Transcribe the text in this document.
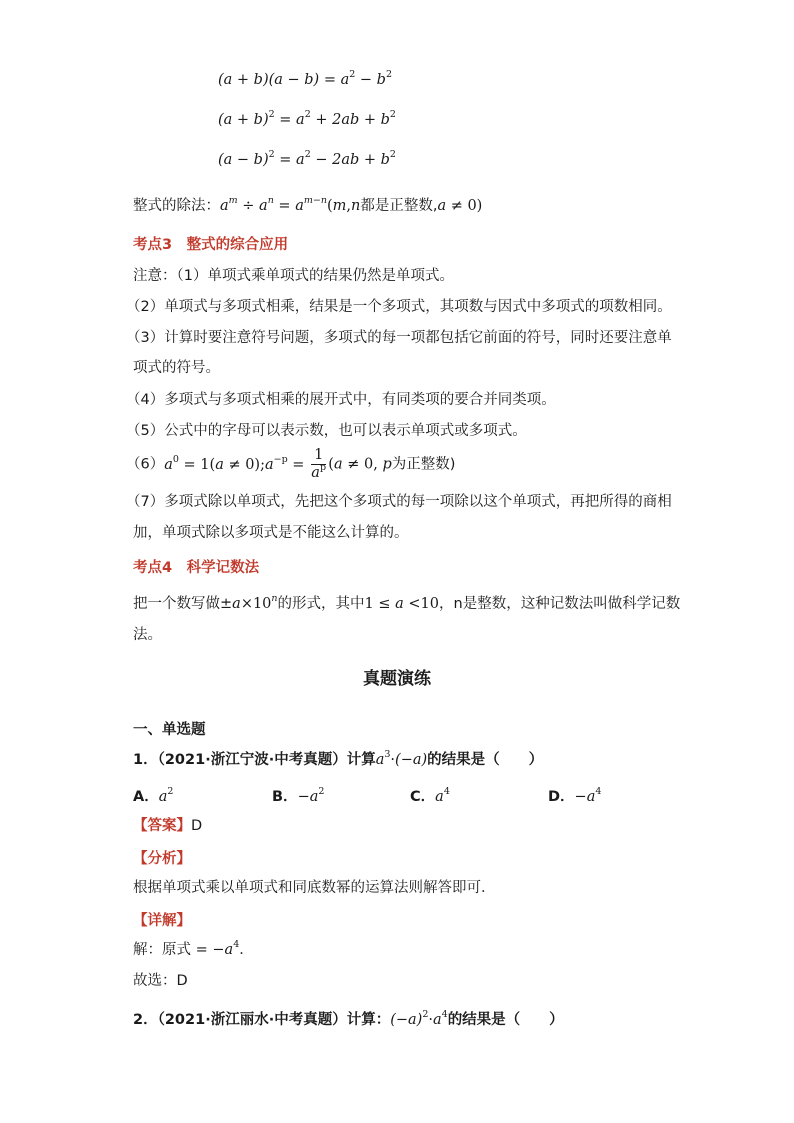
$(a + b)(a - b) = a^2 - b^2$
$(a + b)^2 = a^2 + 2ab + b^2$
$(a - b)^2 = a^2 - 2ab + b^2$
整式的除法：$a^m \div a^n = a^{m-n}(m,n$都是正整数,a ≠ 0)
考点3　整式的综合应用
注意：（1）单项式乘单项式的结果仍然是单项式。
（2）单项式与多项式相乘，结果是一个多项式，其项数与因式中多项式的项数相同。
（3）计算时要注意符号问题，多项式的每一项都包括它前面的符号，同时还要注意单
项式的符号。
（4）多项式与多项式相乘的展开式中，有同类项的要合并同类项。
（5）公式中的字母可以表示数，也可以表示单项式或多项式。
$(6)a^0 = 1(a$ ≠ $0);a^{-p} = \frac{1}{a^p} (a \ne 0$, p为正整数)
（7）多项式除以单项式，先把这个多项式的每一项除以这个单项式，再把所得的商相
加，单项式除以多项式是不能这么计算的。
考点4　科学记数法
把一个数写做$\pm a\times 10^n$的形式，其中1 ≤ a <10，n是整数，这种记数法叫做科学记数
法。
真题演练
一、单选题
1．（2021·浙江宁波·中考真题）计算$a^3\cdot(-a)$的结果是（　　）
A．$a^2$	B．$-a^2$	C．$a^4$	D．$-a^4$
【答案】D
【分析】
根据单项式乘以单项式和同底数幂的运算法则解答即可．
【详解】
解：原式 = $-a^4$．
故选：D
2．（2021·浙江丽水·中考真题）计算：$(-a)^2\cdot a^4$的结果是（　　）
